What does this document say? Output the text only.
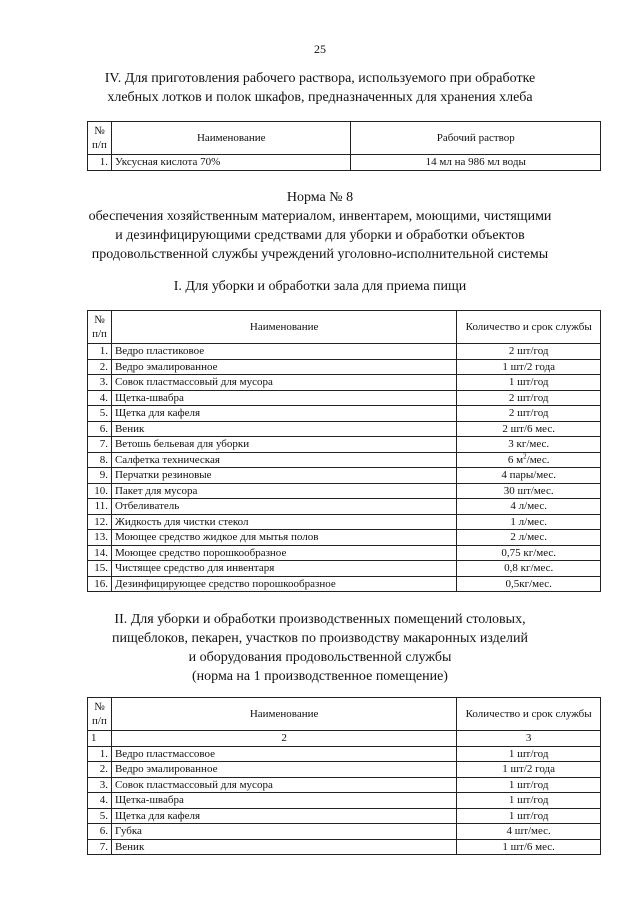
25
IV. Для приготовления рабочего раствора, используемого при обработке
хлебных лотков и полок шкафов, предназначенных для хранения хлеба
№ п/п	Наименование	Рабочий раствор
1.	Уксусная кислота 70%	14 мл на 986 мл воды
Норма № 8
обеспечения хозяйственным материалом, инвентарем, моющими, чистящими
и дезинфицирующими средствами для уборки и обработки объектов
продовольственной службы учреждений уголовно-исполнительной системы
I. Для уборки и обработки зала для приема пищи
№ п/п	Наименование	Количество и срок службы
1.	Ведро пластиковое	2 шт/год
2.	Ведро эмалированное	1 шт/2 года
3.	Совок пластмассовый для мусора	1 шт/год
4.	Щетка-швабра	2 шт/год
5.	Щетка для кафеля	2 шт/год
6.	Веник	2 шт/6 мес.
7.	Ветошь бельевая для уборки	3 кг/мес.
8.	Салфетка техническая	6 $м^2$/мес.
9.	Перчатки резиновые	4 пары/мес.
10.	Пакет для мусора	30 шт/мес.
11.	Отбеливатель	4 л/мес.
12.	Жидкость для чистки стекол	1 л/мес.
13.	Моющее средство жидкое для мытья полов	2 л/мес.
14.	Моющее средство порошкообразное	0,75 кг/мес.
15.	Чистящее средство для инвентаря	0,8 кг/мес.
16.	Дезинфицирующее средство порошкообразное	0,5кг/мес.
II. Для уборки и обработки производственных помещений столовых,
пищеблоков, пекарен, участков по производству макаронных изделий
и оборудования продовольственной службы
(норма на 1 производственное помещение)
№ п/п	Наименование	Количество и срок службы
1	2	3
1.	Ведро пластмассовое	1 шт/год
2.	Ведро эмалированное	1 шт/2 года
3.	Совок пластмассовый для мусора	1 шт/год
4.	Щетка-швабра	1 шт/год
5.	Щетка для кафеля	1 шт/год
6.	Губка	4 шт/мес.
7.	Веник	1 шт/6 мес.
